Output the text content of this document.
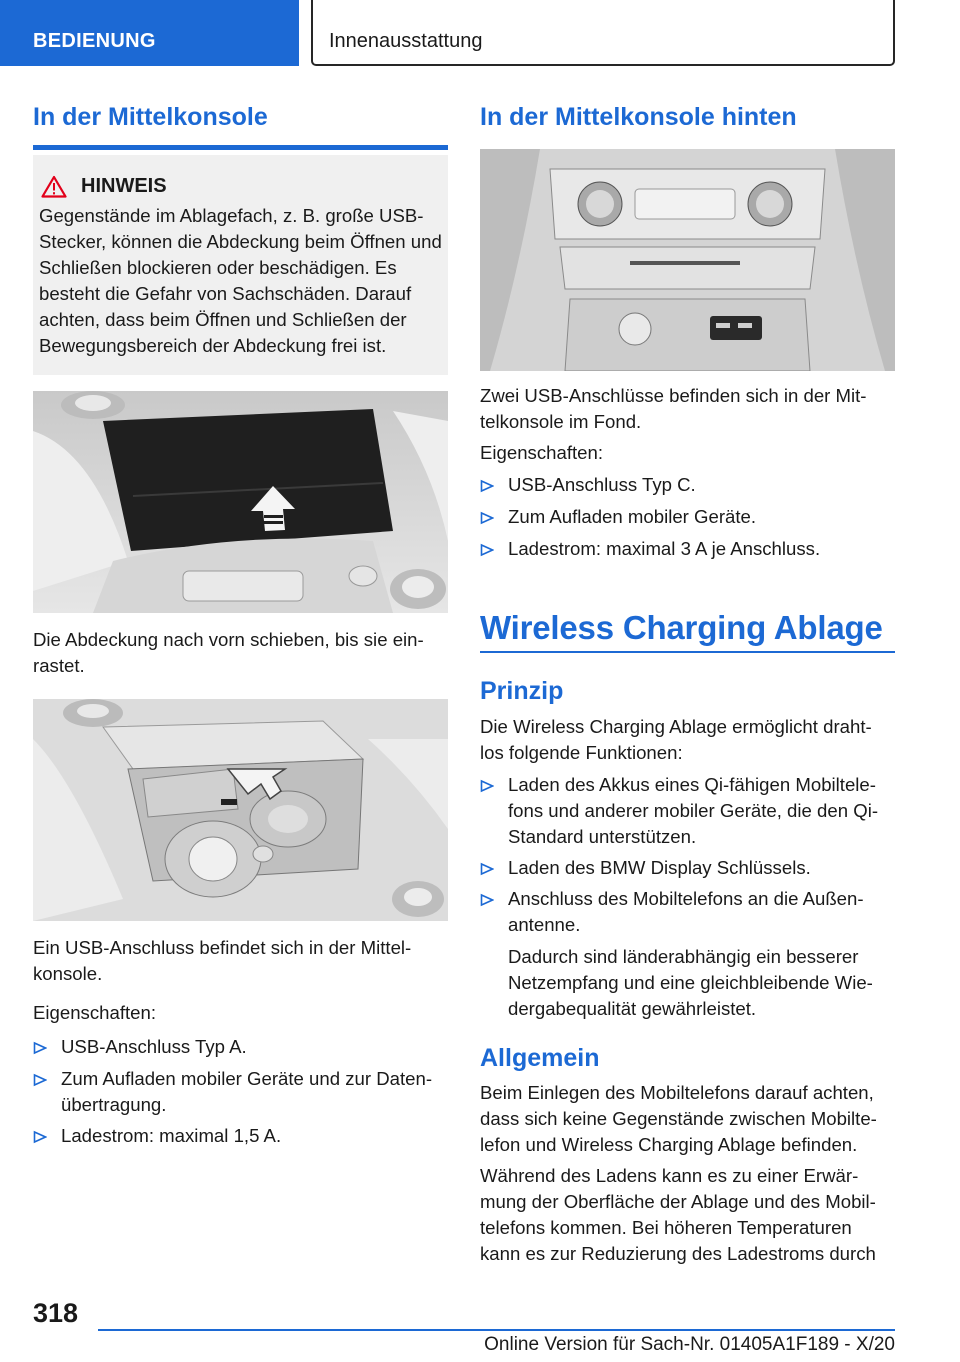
BEDIENUNG	Innenausstattung
In der Mittelkonsole
HINWEIS

Gegenstände im Ablagefach, z. B. große USB-Stecker, können die Abdeckung beim Öffnen und Schließen blockieren oder beschädigen. Es besteht die Gefahr von Sachschäden. Darauf achten, dass beim Öffnen und Schließen der Bewegungsbereich der Abdeckung frei ist.

Die Abdeckung nach vorn schieben, bis sie ein-rastet.
Ein USB-Anschluss befindet sich in der Mittel-konsole.
Eigenschaften:
USB-Anschluss Typ A.
Zum Aufladen mobiler Geräte und zur Daten-übertragung.
Ladestrom: maximal 1,5 A.
In der Mittelkonsole hinten
Zwei USB-Anschlüsse befinden sich in der Mit-telkonsole im Fond.
Eigenschaften:
USB-Anschluss Typ C.
Zum Aufladen mobiler Geräte.
Ladestrom: maximal 3 A je Anschluss.
Wireless Charging Ablage
Prinzip
Die Wireless Charging Ablage ermöglicht draht-los folgende Funktionen:
Laden des Akkus eines Qi-fähigen Mobiltele-fons und anderer mobiler Geräte, die den Qi-Standard unterstützen.
Laden des BMW Display Schlüssels.
Anschluss des Mobiltelefons an die Außen-antenne.
Dadurch sind länderabhängig ein besserer Netzempfang und eine gleichbleibende Wie-dergabequalität gewährleistet.
Allgemein
Beim Einlegen des Mobiltelefons darauf achten, dass sich keine Gegenstände zwischen Mobilte-lefon und Wireless Charging Ablage befinden.
Während des Ladens kann es zu einer Erwär-mung der Oberfläche der Ablage und des Mobil-telefons kommen. Bei höheren Temperaturen kann es zur Reduzierung des Ladestroms durch
318
Online Version für Sach-Nr. 01405A1F189 - X/20
